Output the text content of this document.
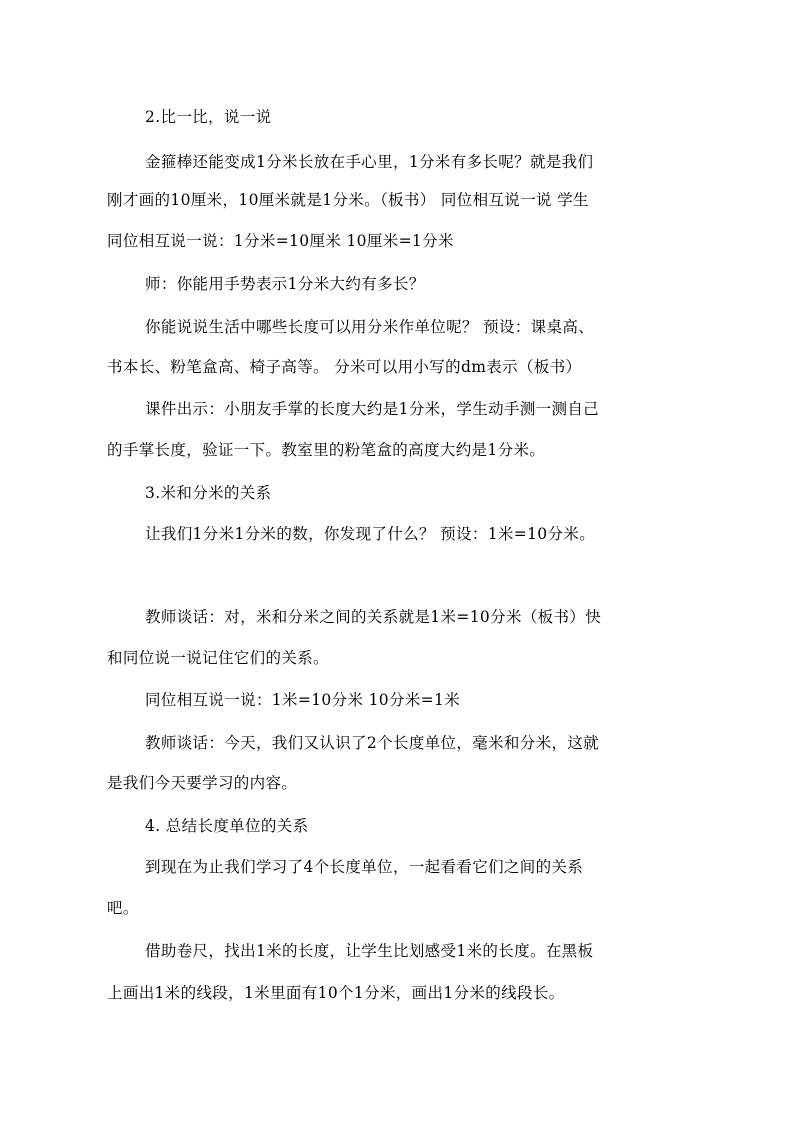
2.比一比，说一说

金箍棒还能变成1分米长放在手心里，1分米有多长呢？就是我们

刚才画的10厘米，10厘米就是1分米。（板书） 同位相互说一说 学生

同位相互说一说：1分米=10厘米 10厘米=1分米

师：你能用手势表示1分米大约有多长？

你能说说生活中哪些长度可以用分米作单位呢？ 预设：课桌高、

书本长、粉笔盒高、椅子高等。 分米可以用小写的dm表示（板书）

课件出示：小朋友手掌的长度大约是1分米，学生动手测一测自己

的手掌长度，验证一下。教室里的粉笔盒的高度大约是1分米。

3.米和分米的关系

让我们1分米1分米的数，你发现了什么？ 预设：1米=10分米。

教师谈话：对，米和分米之间的关系就是1米=10分米（板书）快

和同位说一说记住它们的关系。

同位相互说一说：1米=10分米 10分米=1米

教师谈话：今天，我们又认识了2个长度单位，毫米和分米，这就

是我们今天要学习的内容。

4. 总结长度单位的关系

到现在为止我们学习了4个长度单位，一起看看它们之间的关系

吧。

借助卷尺，找出1米的长度，让学生比划感受1米的长度。在黑板

上画出1米的线段，1米里面有10个1分米，画出1分米的线段长。
